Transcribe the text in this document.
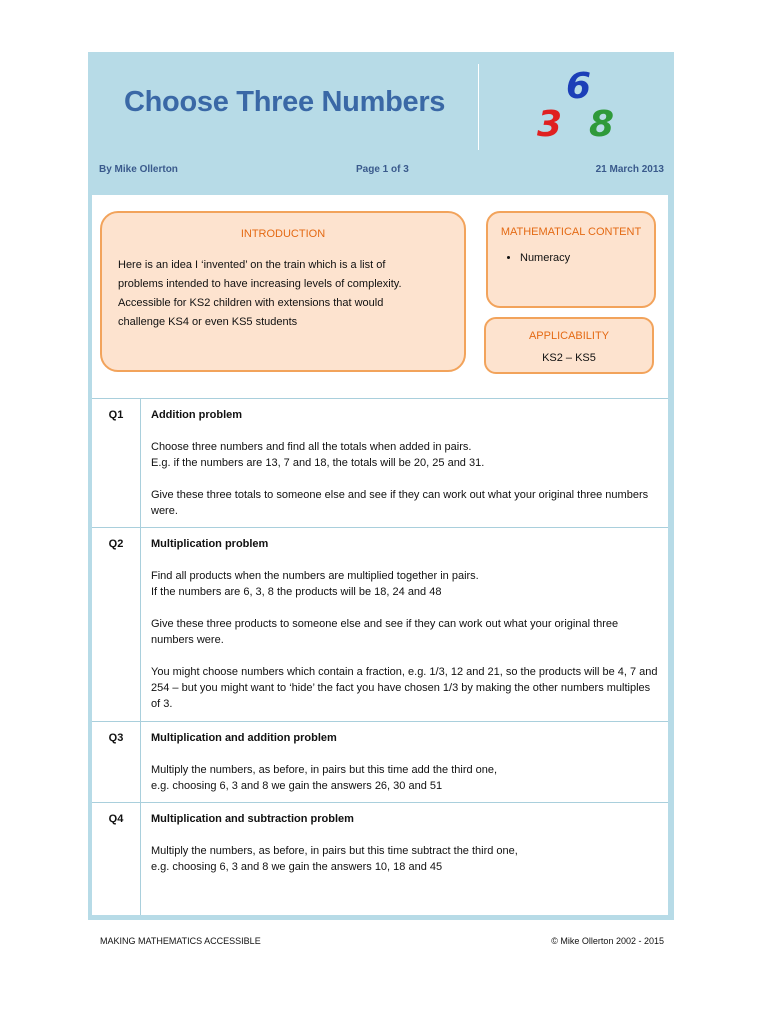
Choose Three Numbers	6
3 8
By Mike Ollerton	Page 1 of 3	21 March 2013
INTRODUCTION
Here is an idea I ‘invented’ on the train which is a list of problems intended to have increasing levels of complexity. Accessible for KS2 children with extensions that would challenge KS4 or even KS5 students
MATHEMATICAL CONTENT
• Numeracy
APPLICABILITY
KS2 – KS5
Q1	Addition problem
Choose three numbers and find all the totals when added in pairs.
E.g. if the numbers are 13, 7 and 18, the totals will be 20, 25 and 31.
Give these three totals to someone else and see if they can work out what your original three numbers were.

Q2	Multiplication problem
Find all products when the numbers are multiplied together in pairs.
If the numbers are 6, 3, 8 the products will be 18, 24 and 48
Give these three products to someone else and see if they can work out what your original three numbers were.
You might choose numbers which contain a fraction, e.g. 1/3, 12 and 21, so the products will be 4, 7 and 254 – but you might want to ‘hide’ the fact you have chosen 1/3 by making the other numbers multiples of 3.

Q3	Multiplication and addition problem
Multiply the numbers, as before, in pairs but this time add the third one,
e.g. choosing 6, 3 and 8 we gain the answers 26, 30 and 51

Q4	Multiplication and subtraction problem
Multiply the numbers, as before, in pairs but this time subtract the third one,
e.g. choosing 6, 3 and 8 we gain the answers 10, 18 and 45
MAKING MATHEMATICS ACCESSIBLE	© Mike Ollerton 2002 - 2015
